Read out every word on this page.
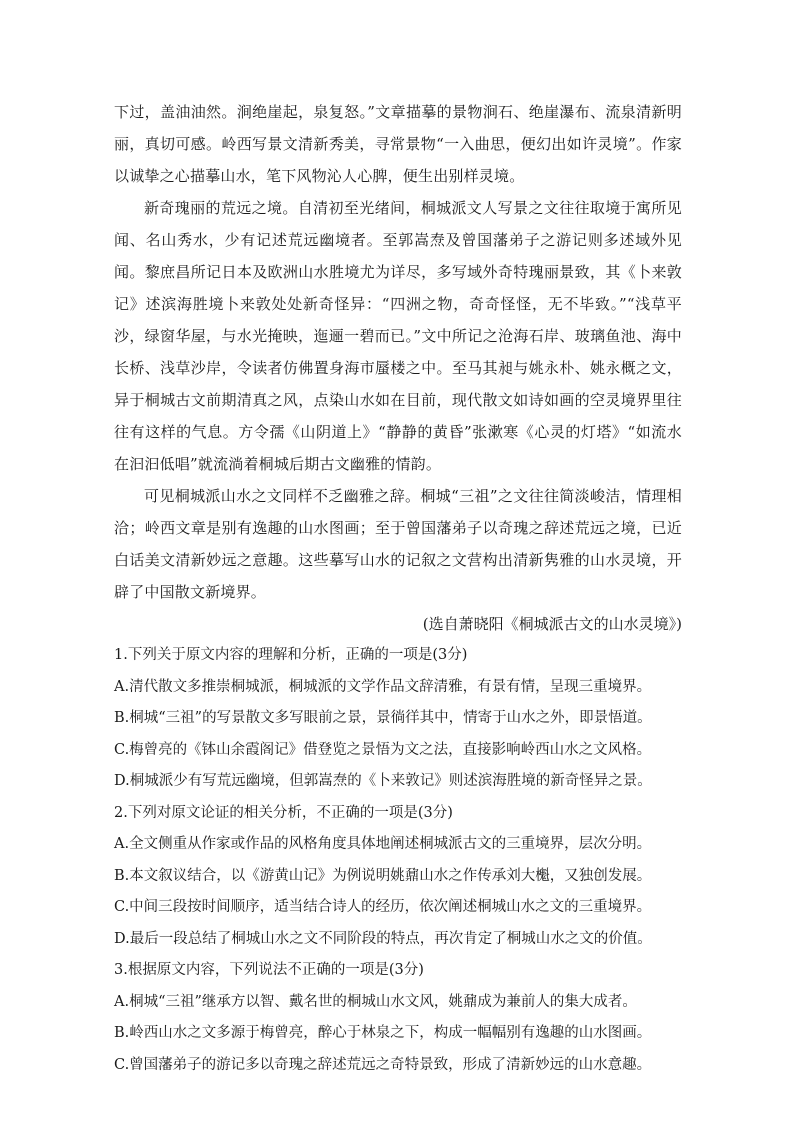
下过，盖油油然。涧绝崖起，泉复怒。”文章描摹的景物涧石、绝崖瀑布、流泉清新明丽，真切可感。岭西写景文清新秀美，寻常景物“一入曲思，便幻出如许灵境”。作家以诚挚之心描摹山水，笔下风物沁人心脾，便生出别样灵境。

新奇瑰丽的荒远之境。自清初至光绪间，桐城派文人写景之文往往取境于寓所见闻、名山秀水，少有记述荒远幽境者。至郭嵩焘及曾国藩弟子之游记则多述域外见闻。黎庶昌所记日本及欧洲山水胜境尤为详尽，多写域外奇特瑰丽景致，其《卜来敦记》述滨海胜境卜来敦处处新奇怪异：“四洲之物，奇奇怪怪，无不毕致。”“浅草平沙，绿窗华屋，与水光掩映，迤逦一碧而已。”文中所记之沧海石岸、玻璃鱼池、海中长桥、浅草沙岸，令读者仿佛置身海市蜃楼之中。至马其昶与姚永朴、姚永概之文，异于桐城古文前期清真之风，点染山水如在目前，现代散文如诗如画的空灵境界里往往有这样的气息。方令孺《山阴道上》“静静的黄昏”张漱寒《心灵的灯塔》“如流水在汩汩低唱”就流淌着桐城后期古文幽雅的情韵。

可见桐城派山水之文同样不乏幽雅之辞。桐城“三祖”之文往往简淡峻洁，情理相洽；岭西文章是别有逸趣的山水图画；至于曾国藩弟子以奇瑰之辞述荒远之境，已近白话美文清新妙远之意趣。这些摹写山水的记叙之文营构出清新隽雅的山水灵境，开辟了中国散文新境界。

(选自萧晓阳《桐城派古文的山水灵境》)

1.下列关于原文内容的理解和分析，正确的一项是(3分)

A.清代散文多推崇桐城派，桐城派的文学作品文辞清雅，有景有情，呈现三重境界。

B.桐城“三祖”的写景散文多写眼前之景，景徜徉其中，情寄于山水之外，即景悟道。

C.梅曾亮的《钵山余霞阁记》借登览之景悟为文之法，直接影响岭西山水之文风格。

D.桐城派少有写荒远幽境，但郭嵩焘的《卜来敦记》则述滨海胜境的新奇怪异之景。

2.下列对原文论证的相关分析，不正确的一项是(3分)

A.全文侧重从作家或作品的风格角度具体地阐述桐城派古文的三重境界，层次分明。

B.本文叙议结合，以《游黄山记》为例说明姚鼐山水之作传承刘大櫆，又独创发展。

C.中间三段按时间顺序，适当结合诗人的经历，依次阐述桐城山水之文的三重境界。

D.最后一段总结了桐城山水之文不同阶段的特点，再次肯定了桐城山水之文的价值。

3.根据原文内容，下列说法不正确的一项是(3分)

A.桐城“三祖”继承方以智、戴名世的桐城山水文风，姚鼐成为兼前人的集大成者。

B.岭西山水之文多源于梅曾亮，醉心于林泉之下，构成一幅幅别有逸趣的山水图画。

C.曾国藩弟子的游记多以奇瑰之辞述荒远之奇特景致，形成了清新妙远的山水意趣。
